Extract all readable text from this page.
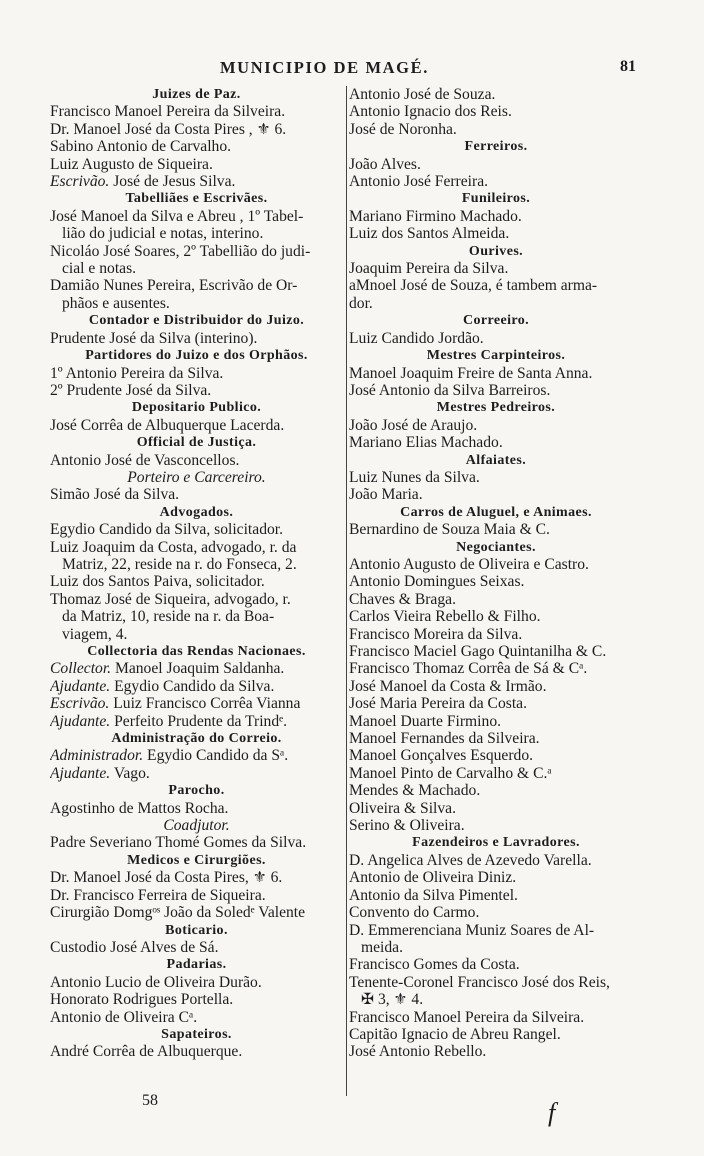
MUNICIPIO DE MAGÉ.	81
Juizes de Paz.
Francisco Manoel Pereira da Silveira.
Dr. Manoel José da Costa Pires , ⚜ 6.
Sabino Antonio de Carvalho.
Luiz Augusto de Siqueira.
Escrivão. José de Jesus Silva.
Tabelliães e Escrivães.
José Manoel da Silva e Abreu , 1º Tabel-
lião do judicial e notas, interino.
Nicoláo José Soares, 2º Tabellião do judi-
cial e notas.
Damião Nunes Pereira, Escrivão de Or-
phãos e ausentes.
Contador e Distribuidor do Juizo.
Prudente José da Silva (interino).
Partidores do Juizo e dos Orphãos.
1º Antonio Pereira da Silva.
2º Prudente José da Silva.
Depositario Publico.
José Corrêa de Albuquerque Lacerda.
Official de Justiça.
Antonio José de Vasconcellos.
Porteiro e Carcereiro.
Simão José da Silva.
Advogados.
Egydio Candido da Silva, solicitador.
Luiz Joaquim da Costa, advogado, r. da
Matriz, 22, reside na r. do Fonseca, 2.
Luiz dos Santos Paiva, solicitador.
Thomaz José de Siqueira, advogado, r.
da Matriz, 10, reside na r. da Boa-
viagem, 4.
Collectoria das Rendas Nacionaes.
Collector. Manoel Joaquim Saldanha.
Ajudante. Egydio Candido da Silva.
Escrivão. Luiz Francisco Corrêa Vianna
Ajudante. Perfeito Prudente da Trindᵉ.
Administração do Correio.
Administrador. Egydio Candido da Sᵃ.
Ajudante. Vago.
Parocho.
Agostinho de Mattos Rocha.
Coadjutor.
Padre Severiano Thomé Gomes da Silva.
Medicos e Cirurgiões.
Dr. Manoel José da Costa Pires, ⚜ 6.
Dr. Francisco Ferreira de Siqueira.
Cirurgião Domgᵒˢ João da Soledᵉ Valente
Boticario.
Custodio José Alves de Sá.
Padarias.
Antonio Lucio de Oliveira Durão.
Honorato Rodrigues Portella.
Antonio de Oliveira Cᵃ.
Sapateiros.
André Corrêa de Albuquerque.
Antonio José de Souza.
Antonio Ignacio dos Reis.
José de Noronha.
Ferreiros.
João Alves.
Antonio José Ferreira.
Funileiros.
Mariano Firmino Machado.
Luiz dos Santos Almeida.
Ourives.
Joaquim Pereira da Silva.
aMnoel José de Souza, é tambem arma-
dor.
Correeiro.
Luiz Candido Jordão.
Mestres Carpinteiros.
Manoel Joaquim Freire de Santa Anna.
José Antonio da Silva Barreiros.
Mestres Pedreiros.
João José de Araujo.
Mariano Elias Machado.
Alfaiates.
Luiz Nunes da Silva.
João Maria.
Carros de Aluguel, e Animaes.
Bernardino de Souza Maia & C.
Negociantes.
Antonio Augusto de Oliveira e Castro.
Antonio Domingues Seixas.
Chaves & Braga.
Carlos Vieira Rebello & Filho.
Francisco Moreira da Silva.
Francisco Maciel Gago Quintanilha & C.
Francisco Thomaz Corrêa de Sá & Cᵃ.
José Manoel da Costa & Irmão.
José Maria Pereira da Costa.
Manoel Duarte Firmino.
Manoel Fernandes da Silveira.
Manoel Gonçalves Esquerdo.
Manoel Pinto de Carvalho & C.ᵃ
Mendes & Machado.
Oliveira & Silva.
Serino & Oliveira.
Fazendeiros e Lavradores.
D. Angelica Alves de Azevedo Varella.
Antonio de Oliveira Diniz.
Antonio da Silva Pimentel.
Convento do Carmo.
D. Emmerenciana Muniz Soares de Al-
meida.
Francisco Gomes da Costa.
Tenente-Coronel Francisco José dos Reis,
✠ 3, ⚜ 4.
Francisco Manoel Pereira da Silveira.
Capitão Ignacio de Abreu Rangel.
José Antonio Rebello.
58	f
